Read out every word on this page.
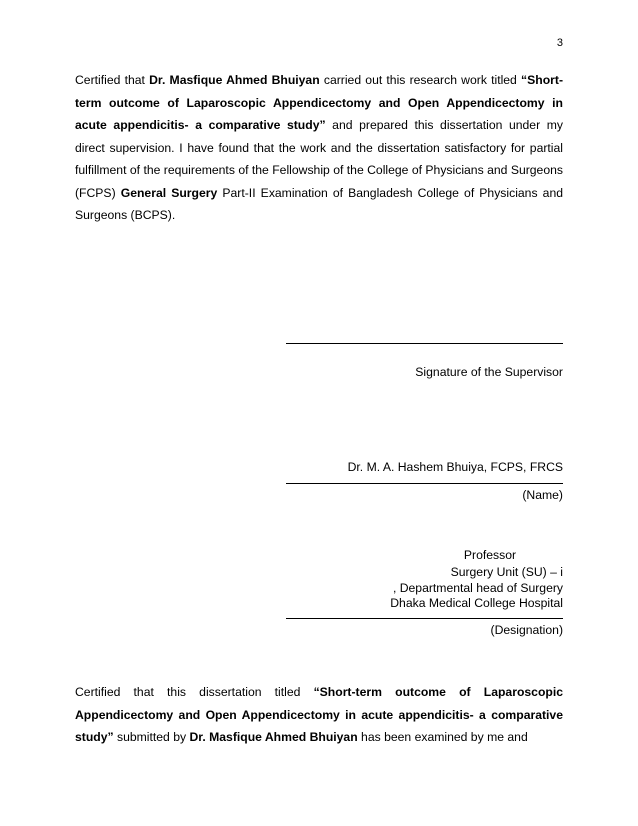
3

Certified that Dr. Masfique Ahmed Bhuiyan carried out this research work titled “Short-term outcome of Laparoscopic Appendicectomy and Open Appendicectomy in acute appendicitis- a comparative study” and prepared this dissertation under my direct supervision. I have found that the work and the dissertation satisfactory for partial fulfillment of the requirements of the Fellowship of the College of Physicians and Surgeons (FCPS) General Surgery Part-II Examination of Bangladesh College of Physicians and Surgeons (BCPS).

Signature of the Supervisor
Dr. M. A. Hashem Bhuiya, FCPS, FRCS
(Name)
Professor
Surgery Unit (SU) – i
, Departmental head of Surgery
Dhaka Medical College Hospital
(Designation)

Certified that this dissertation titled “Short-term outcome of Laparoscopic Appendicectomy and Open Appendicectomy in acute appendicitis- a comparative study” submitted by Dr. Masfique Ahmed Bhuiyan has been examined by me and
